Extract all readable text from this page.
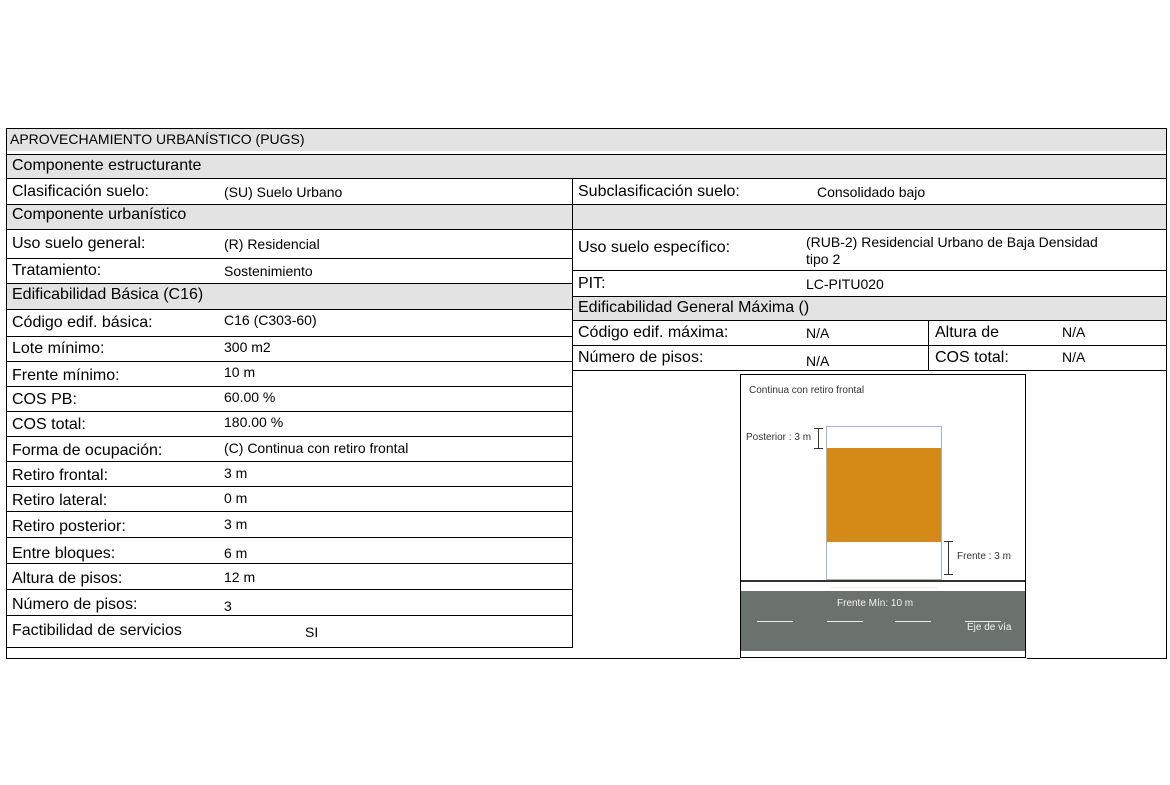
APROVECHAMIENTO URBANÍSTICO (PUGS)
Componente estructurante
Componente urbanístico
Edificabilidad Básica (C16)
Edificabilidad General Máxima ()
Clasificación suelo:	(SU) Suelo Urbano	Subclasificación suelo:	Consolidado bajo
Uso suelo general:	(R) Residencial	Uso suelo específico:	(RUB-2) Residencial Urbano de Baja Densidad
tipo 2
Tratamiento:	Sostenimiento
PIT:	LC-PITU020
Código edif. básica:	C16 (C303-60)
Lote mínimo:	300 m2
Frente mínimo:	10 m
COS PB:	60.00 %
COS total:	180.00 %
Forma de ocupación:	(C) Continua con retiro frontal
Retiro frontal:	3 m
Retiro lateral:	0 m
Retiro posterior:	3 m
Entre bloques:	6 m
Altura de pisos:	12 m
Número de pisos:	3
Factibilidad de servicios	SI
Código edif. máxima:	N/A	Altura de	N/A
Número de pisos:	N/A	COS total:	N/A
Continua con retiro frontal
Posterior : 3 m
Frente : 3 m
Frente Mín: 10 m
Eje de vía
